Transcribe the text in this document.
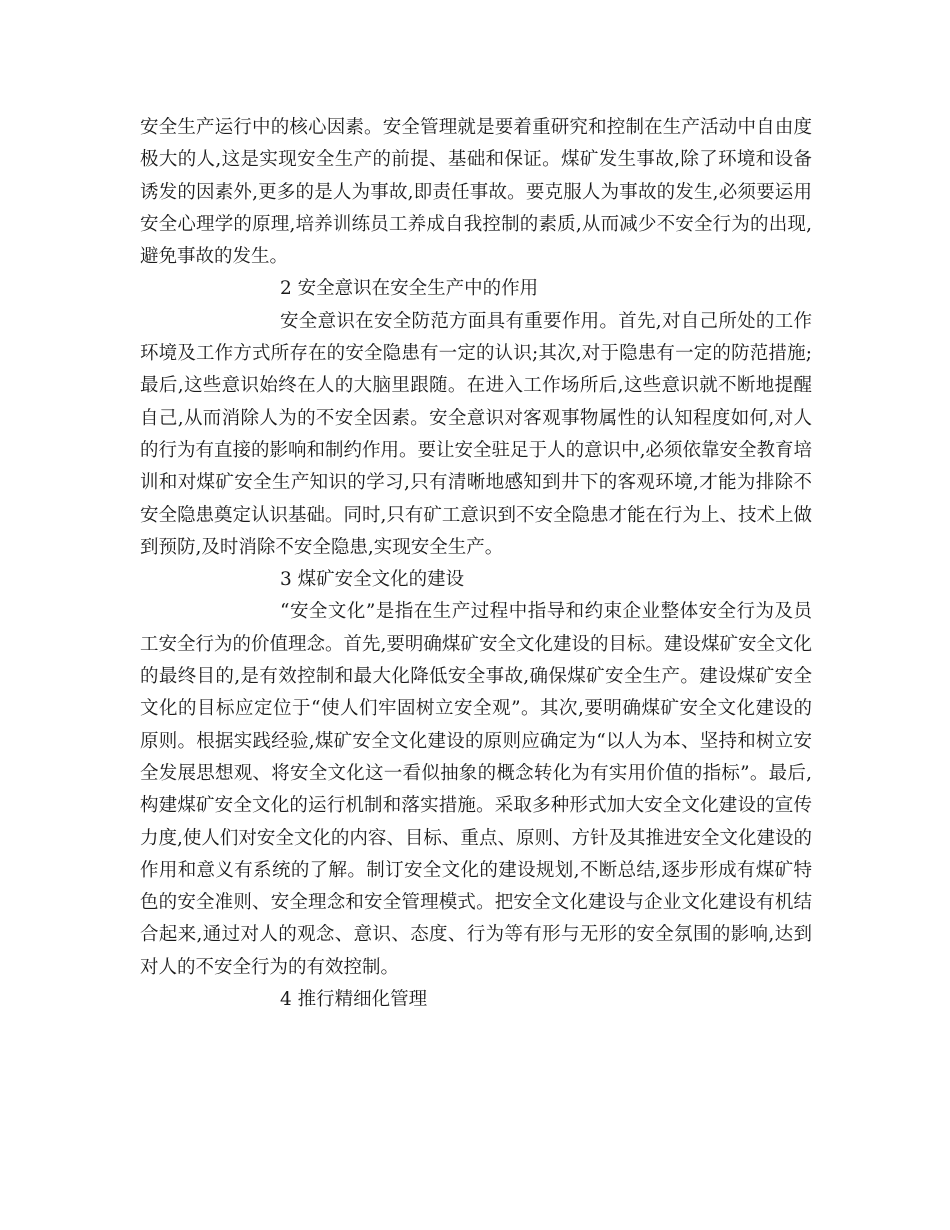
安全生产运行中的核心因素。安全管理就是要着重研究和控制在生产活动中自由度极大的人,这是实现安全生产的前提、基础和保证。煤矿发生事故,除了环境和设备诱发的因素外,更多的是人为事故,即责任事故。要克服人为事故的发生,必须要运用安全心理学的原理,培养训练员工养成自我控制的素质,从而减少不安全行为的出现,避免事故的发生。

2 安全意识在安全生产中的作用

安全意识在安全防范方面具有重要作用。首先,对自己所处的工作环境及工作方式所存在的安全隐患有一定的认识;其次,对于隐患有一定的防范措施;最后,这些意识始终在人的大脑里跟随。在进入工作场所后,这些意识就不断地提醒自己,从而消除人为的不安全因素。安全意识对客观事物属性的认知程度如何,对人的行为有直接的影响和制约作用。要让安全驻足于人的意识中,必须依靠安全教育培训和对煤矿安全生产知识的学习,只有清晰地感知到井下的客观环境,才能为排除不安全隐患奠定认识基础。同时,只有矿工意识到不安全隐患才能在行为上、技术上做到预防,及时消除不安全隐患,实现安全生产。

3 煤矿安全文化的建设

“安全文化”是指在生产过程中指导和约束企业整体安全行为及员工安全行为的价值理念。首先,要明确煤矿安全文化建设的目标。建设煤矿安全文化的最终目的,是有效控制和最大化降低安全事故,确保煤矿安全生产。建设煤矿安全文化的目标应定位于“使人们牢固树立安全观”。其次,要明确煤矿安全文化建设的原则。根据实践经验,煤矿安全文化建设的原则应确定为“以人为本、坚持和树立安全发展思想观、将安全文化这一看似抽象的概念转化为有实用价值的指标”。最后,构建煤矿安全文化的运行机制和落实措施。采取多种形式加大安全文化建设的宣传力度,使人们对安全文化的内容、目标、重点、原则、方针及其推进安全文化建设的作用和意义有系统的了解。制订安全文化的建设规划,不断总结,逐步形成有煤矿特色的安全准则、安全理念和安全管理模式。把安全文化建设与企业文化建设有机结合起来,通过对人的观念、意识、态度、行为等有形与无形的安全氛围的影响,达到对人的不安全行为的有效控制。

4 推行精细化管理
